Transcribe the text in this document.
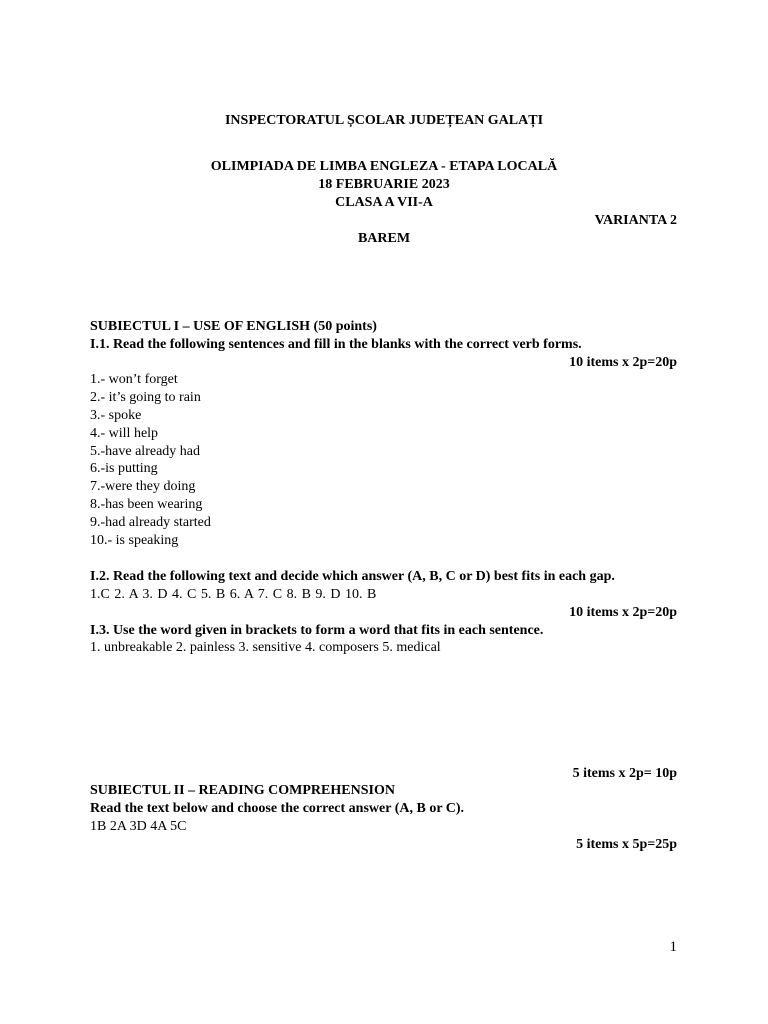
INSPECTORATUL ȘCOLAR JUDEȚEAN GALAȚI
OLIMPIADA DE LIMBA ENGLEZA - ETAPA LOCALĂ
18 FEBRUARIE 2023
CLASA A VII-A
VARIANTA 2
BAREM
SUBIECTUL I – USE OF ENGLISH (50 points)
I.1. Read the following sentences and fill in the blanks with the correct verb forms.
10 items x 2p=20p
1.- won’t forget
2.- it’s going to rain
3.- spoke
4.- will help
5.-have already had
6.-is putting
7.-were they doing
8.-has been wearing
9.-had already started
10.- is speaking
I.2. Read the following text and decide which answer (A, B, C or D) best fits in each gap.
1.C 2. A 3. D 4. C 5. B 6. A 7. C 8. B 9. D 10. B
10 items x 2p=20p
I.3. Use the word given in brackets to form a word that fits in each sentence.
1. unbreakable 2. painless 3. sensitive 4. composers 5. medical
5 items x 2p= 10p
SUBIECTUL II – READING COMPREHENSION
Read the text below and choose the correct answer (A, B or C).
1B 2A 3D 4A 5C
5 items x 5p=25p
1
